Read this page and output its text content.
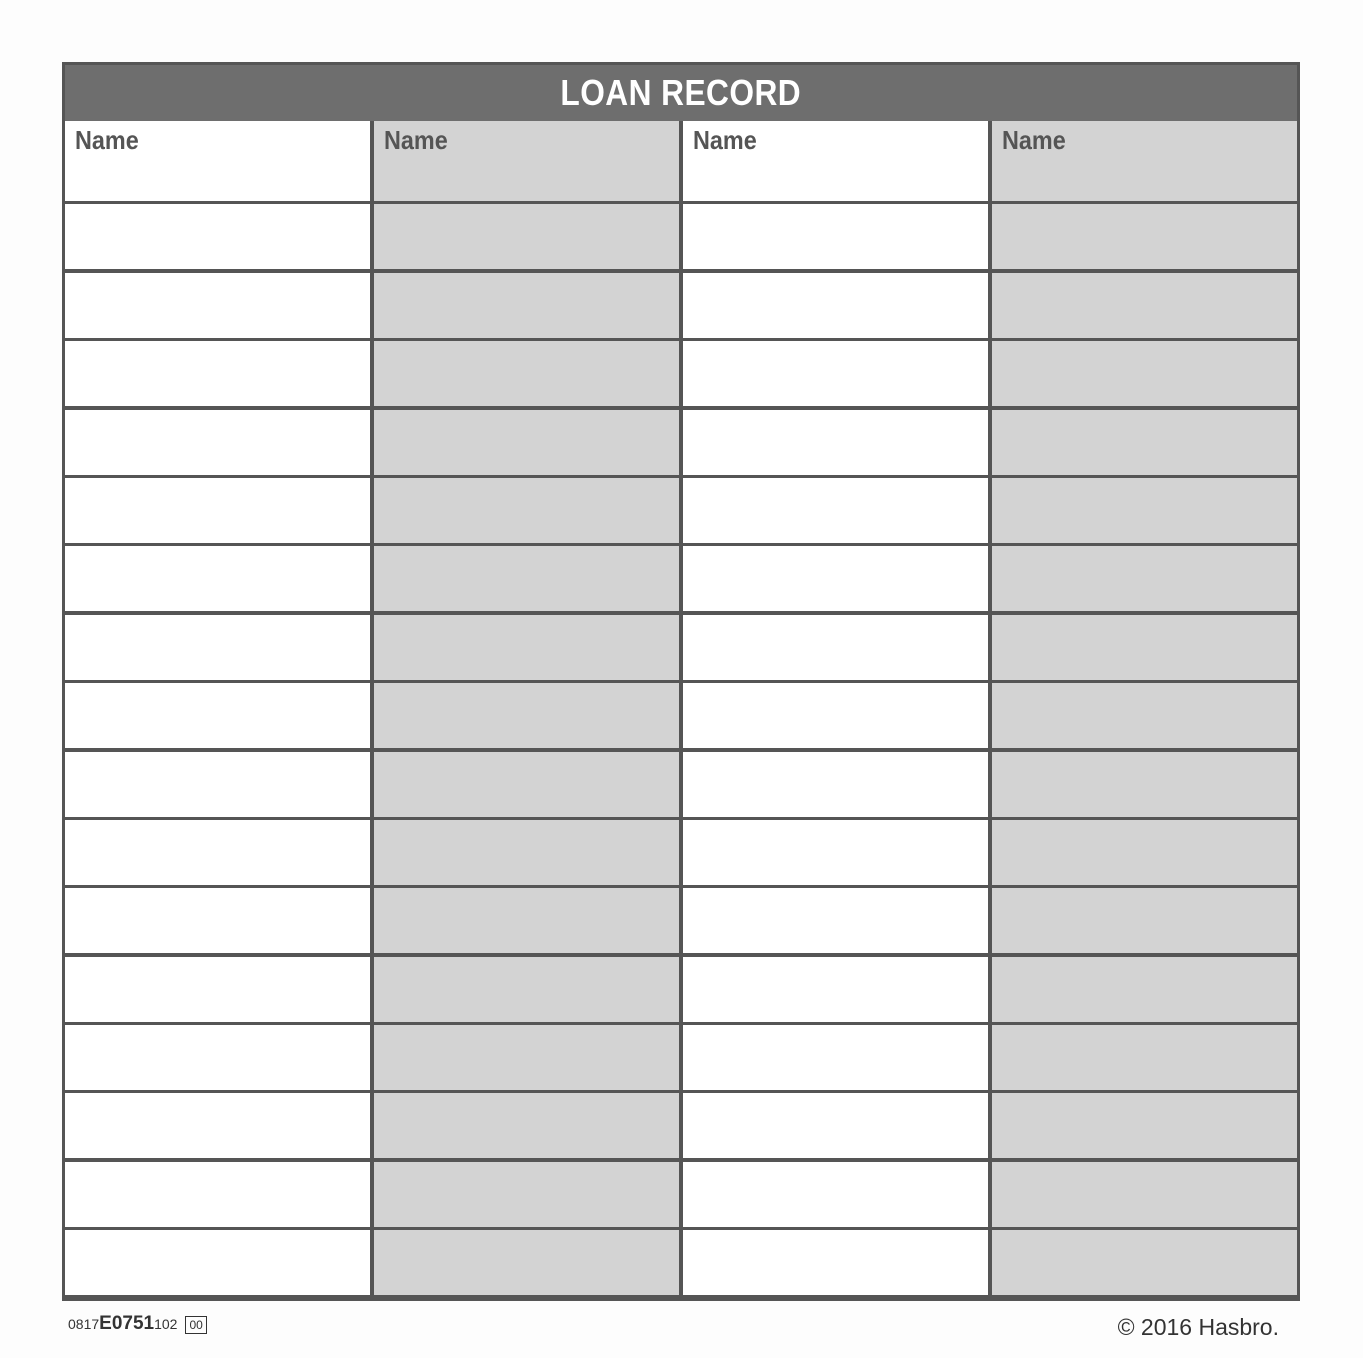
LOAN RECORD
Name	Name	Name	Name
0817 E0751 102	00	© 2016 Hasbro.
